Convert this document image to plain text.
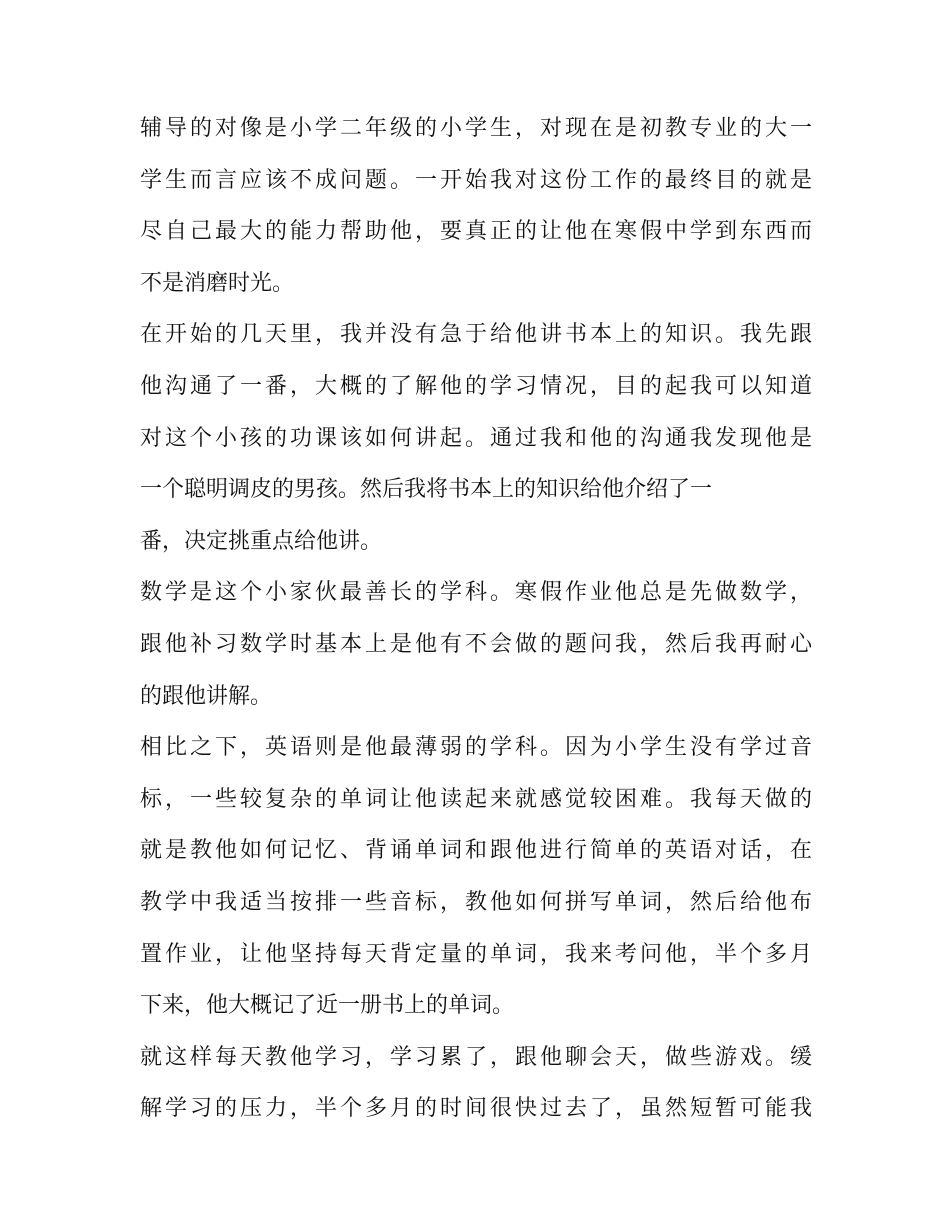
辅导的对像是小学二年级的小学生，对现在是初教专业的大一
学生而言应该不成问题。一开始我对这份工作的最终目的就是
尽自己最大的能力帮助他，要真正的让他在寒假中学到东西而
不是消磨时光。
在开始的几天里，我并没有急于给他讲书本上的知识。我先跟
他沟通了一番，大概的了解他的学习情况，目的起我可以知道
对这个小孩的功课该如何讲起。通过我和他的沟通我发现他是
一个聪明调皮的男孩。然后我将书本上的知识给他介绍了一
番，决定挑重点给他讲。
数学是这个小家伙最善长的学科。寒假作业他总是先做数学，
跟他补习数学时基本上是他有不会做的题问我，然后我再耐心
的跟他讲解。
相比之下，英语则是他最薄弱的学科。因为小学生没有学过音
标，一些较复杂的单词让他读起来就感觉较困难。我每天做的
就是教他如何记忆、背诵单词和跟他进行简单的英语对话，在
教学中我适当按排一些音标，教他如何拼写单词，然后给他布
置作业，让他坚持每天背定量的单词，我来考问他，半个多月
下来，他大概记了近一册书上的单词。
就这样每天教他学习，学习累了，跟他聊会天，做些游戏。缓
解学习的压力，半个多月的时间很快过去了，虽然短暂可能我
